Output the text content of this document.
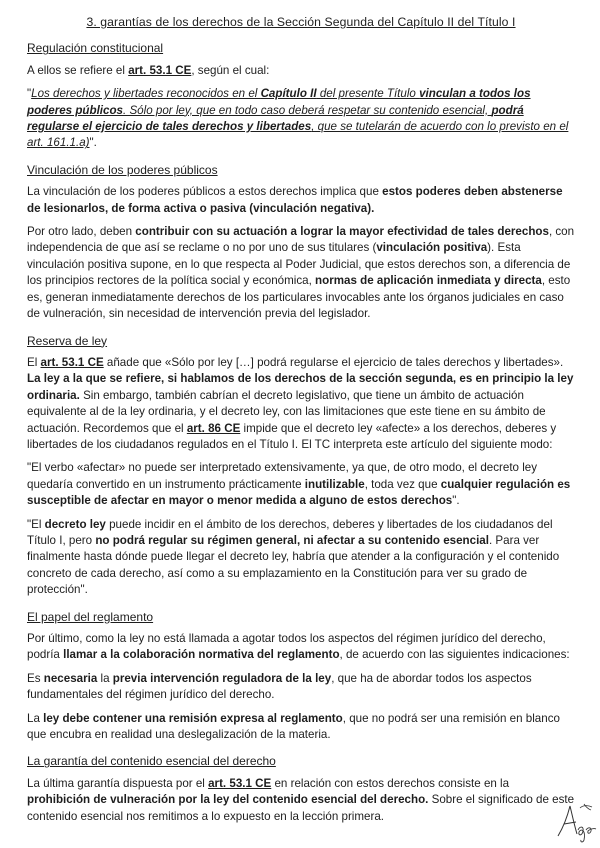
3. garantías de los derechos de la Sección Segunda del Capítulo II del Título I
Regulación constitucional

A ellos se refiere el art. 53.1 CE, según el cual:

"Los derechos y libertades reconocidos en el Capítulo II del presente Título vinculan a todos los poderes públicos. Sólo por ley, que en todo caso deberá respetar su contenido esencial, podrá regularse el ejercicio de tales derechos y libertades, que se tutelarán de acuerdo con lo previsto en el art. 161.1.a)".

Vinculación de los poderes públicos

La vinculación de los poderes públicos a estos derechos implica que estos poderes deben abstenerse de lesionarlos, de forma activa o pasiva (vinculación negativa).

Por otro lado, deben contribuir con su actuación a lograr la mayor efectividad de tales derechos, con independencia de que así se reclame o no por uno de sus titulares (vinculación positiva). Esta vinculación positiva supone, en lo que respecta al Poder Judicial, que estos derechos son, a diferencia de los principios rectores de la política social y económica, normas de aplicación inmediata y directa, esto es, generan inmediatamente derechos de los particulares invocables ante los órganos judiciales en caso de vulneración, sin necesidad de intervención previa del legislador.

Reserva de ley

El art. 53.1 CE añade que «Sólo por ley […] podrá regularse el ejercicio de tales derechos y libertades». La ley a la que se refiere, si hablamos de los derechos de la sección segunda, es en principio la ley ordinaria. Sin embargo, también cabrían el decreto legislativo, que tiene un ámbito de actuación equivalente al de la ley ordinaria, y el decreto ley, con las limitaciones que este tiene en su ámbito de actuación. Recordemos que el art. 86 CE impide que el decreto ley «afecte» a los derechos, deberes y libertades de los ciudadanos regulados en el Título I. El TC interpreta este artículo del siguiente modo:

"El verbo «afectar» no puede ser interpretado extensivamente, ya que, de otro modo, el decreto ley quedaría convertido en un instrumento prácticamente inutilizable, toda vez que cualquier regulación es susceptible de afectar en mayor o menor medida a alguno de estos derechos".

"El decreto ley puede incidir en el ámbito de los derechos, deberes y libertades de los ciudadanos del Título I, pero no podrá regular su régimen general, ni afectar a su contenido esencial. Para ver finalmente hasta dónde puede llegar el decreto ley, habría que atender a la configuración y el contenido concreto de cada derecho, así como a su emplazamiento en la Constitución para ver su grado de protección".

El papel del reglamento

Por último, como la ley no está llamada a agotar todos los aspectos del régimen jurídico del derecho, podría llamar a la colaboración normativa del reglamento, de acuerdo con las siguientes indicaciones:

Es necesaria la previa intervención reguladora de la ley, que ha de abordar todos los aspectos fundamentales del régimen jurídico del derecho.

La ley debe contener una remisión expresa al reglamento, que no podrá ser una remisión en blanco que encubra en realidad una deslegalización de la materia.

La garantía del contenido esencial del derecho

La última garantía dispuesta por el art. 53.1 CE en relación con estos derechos consiste en la prohibición de vulneración por la ley del contenido esencial del derecho. Sobre el significado de este contenido esencial nos remitimos a lo expuesto en la lección primera.
